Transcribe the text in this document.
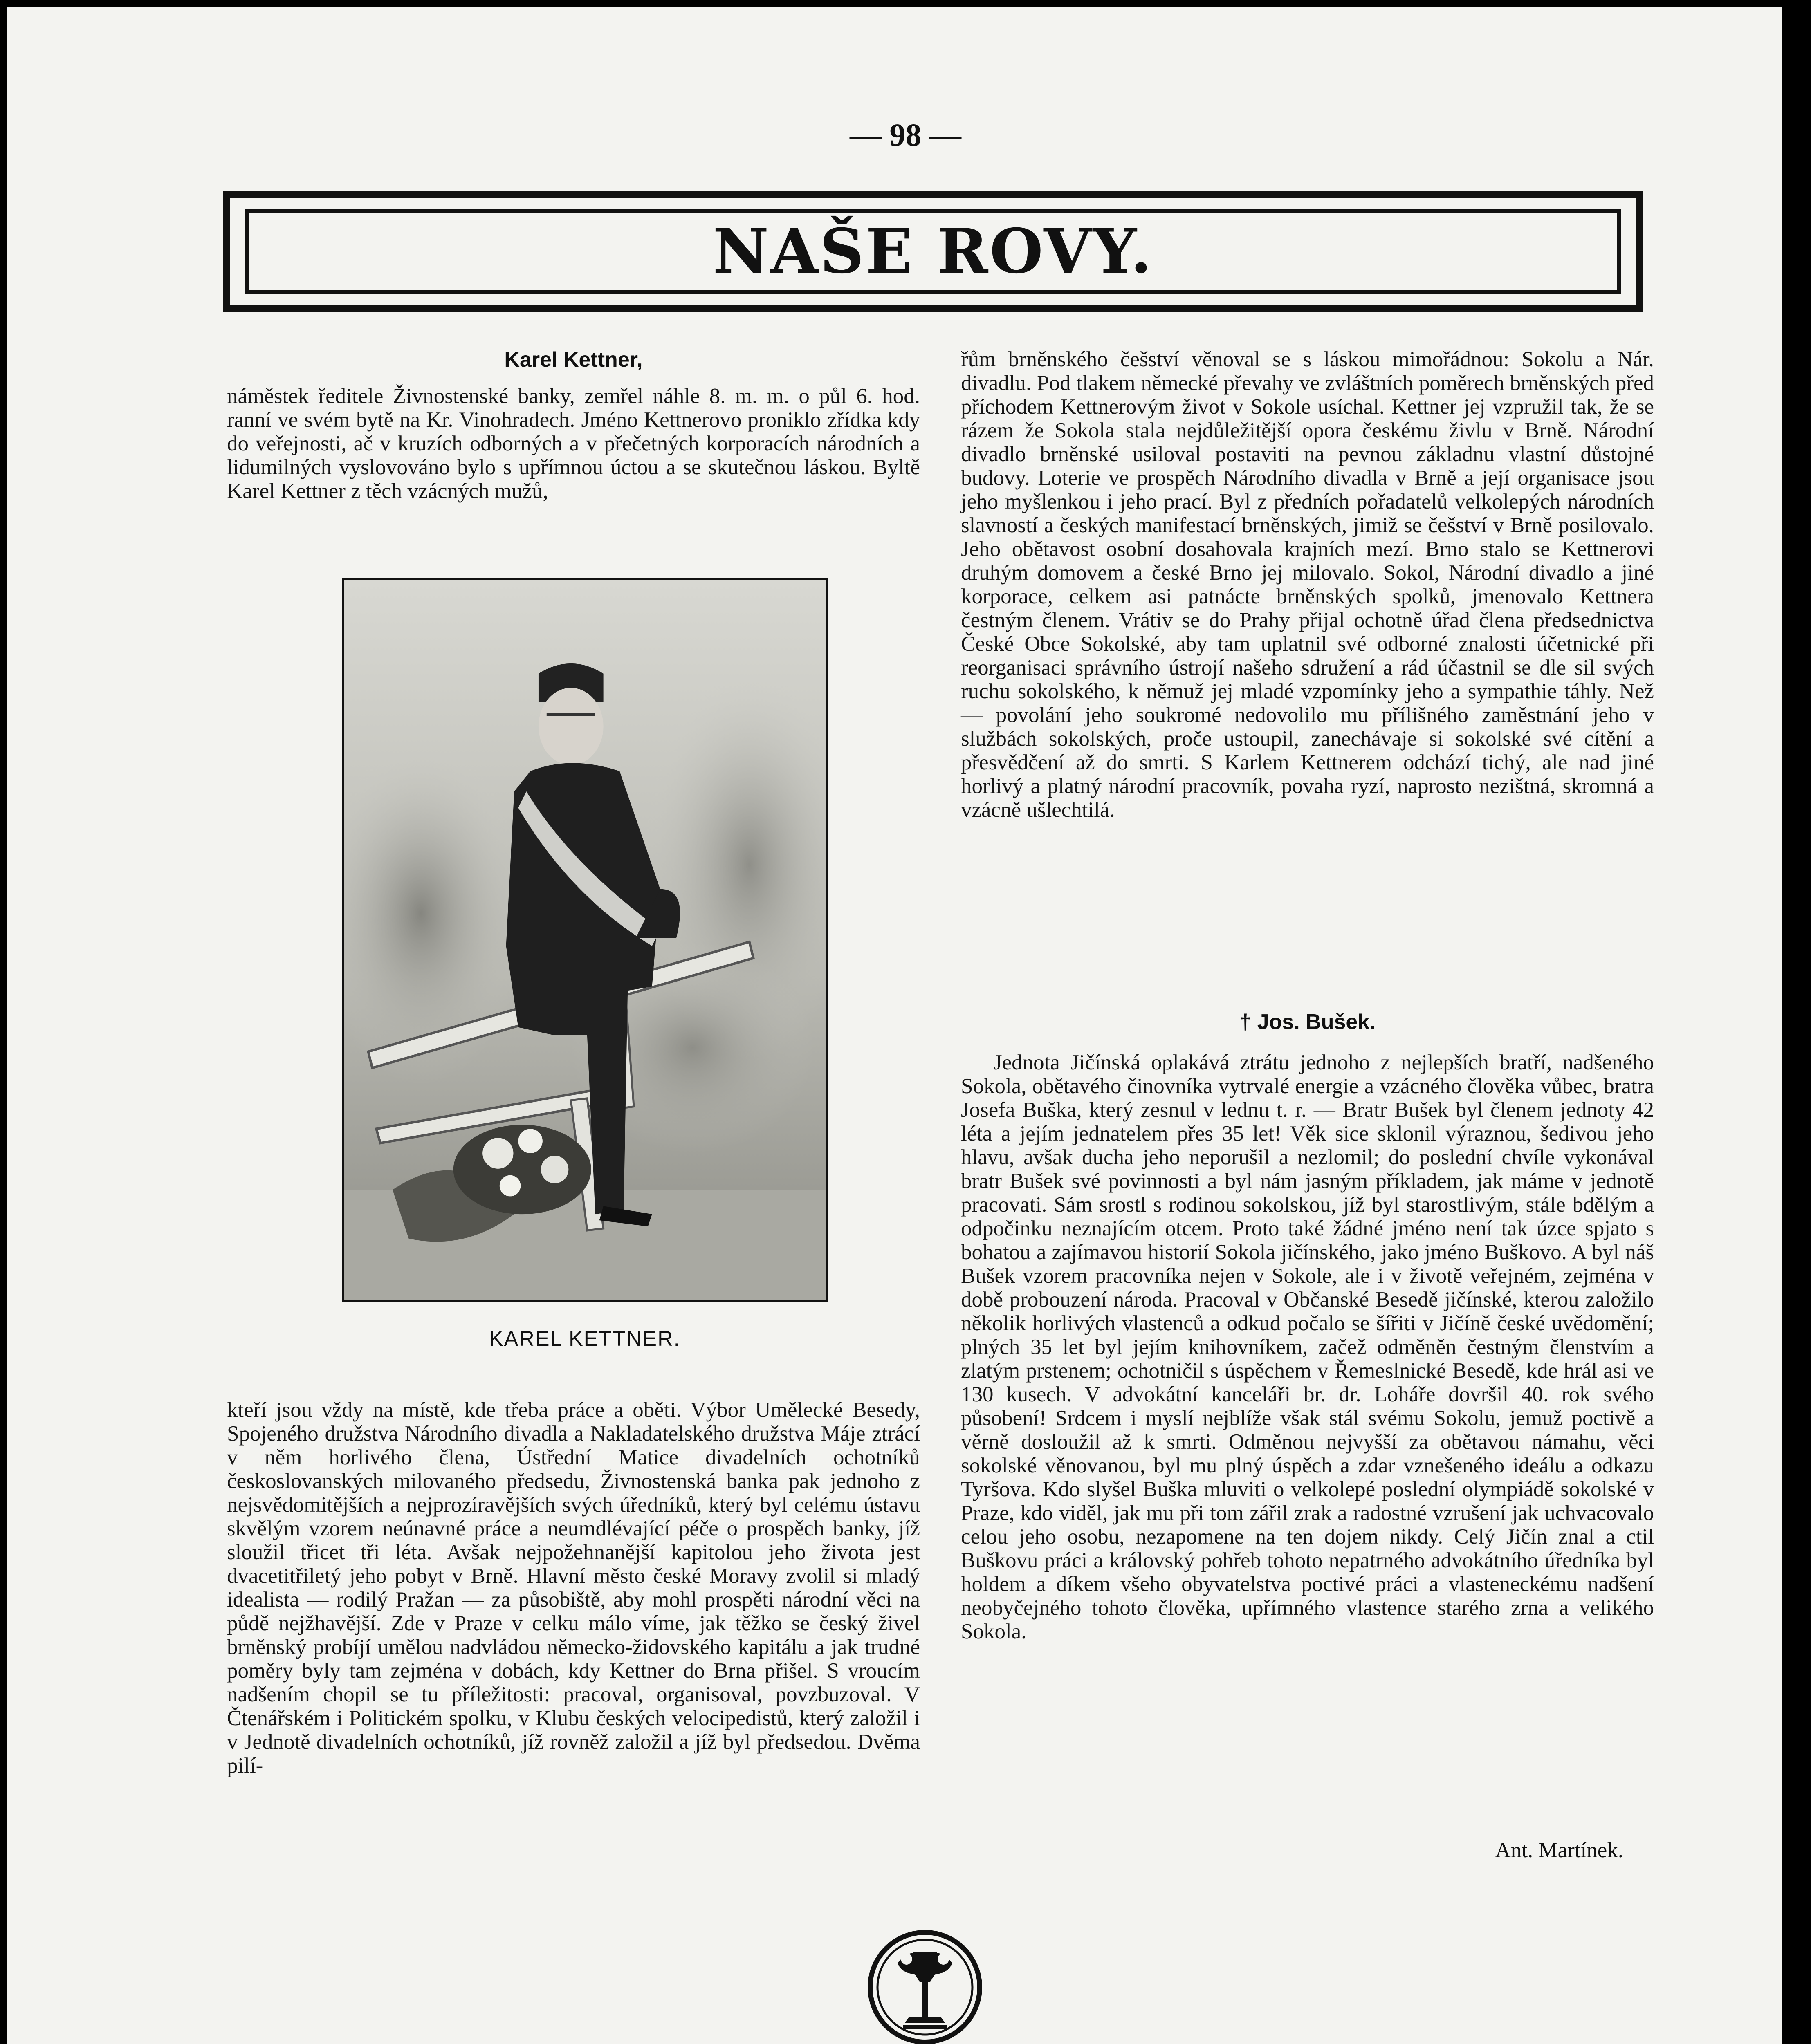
— 98 —
NAŠE ROVY.
Karel Kettner,

náměstek ředitele Živnostenské banky, zemřel náhle 8. m. m. o půl 6. hod. ranní ve svém bytě na Kr. Vinohradech. Jméno Kettnerovo proniklo zřídka kdy do veřejnosti, ač v kruzích odborných a v přečetných korporacích národních a lidumilných vyslovováno bylo s upřímnou úctou a se skutečnou láskou. Byltě Karel Kettner z těch vzácných mužů,

KAREL KETTNER.

kteří jsou vždy na místě, kde třeba práce a oběti. Výbor Umělecké Besedy, Spojeného družstva Národního divadla a Nakladatelského družstva Máje ztrácí v něm horlivého člena, Ústřední Matice divadelních ochotníků českoslovanských milovaného předsedu, Živnostenská banka pak jednoho z nejsvědomitějších a nejprozíravějších svých úředníků, který byl celému ústavu skvělým vzorem neúnavné práce a neumdlévající péče o prospěch banky, jíž sloužil třicet tři léta. Avšak nejpožehnanější kapitolou jeho života jest dvacetitřiletý jeho pobyt v Brně. Hlavní město české Moravy zvolil si mladý idealista — rodilý Pražan — za působiště, aby mohl prospěti národní věci na půdě nejžhavější. Zde v Praze v celku málo víme, jak těžko se český živel brněnský probíjí umělou nadvládou německo-židovského kapitálu a jak trudné poměry byly tam zejména v dobách, kdy Kettner do Brna přišel. S vroucím nadšením chopil se tu příležitosti: pracoval, organisoval, povzbuzoval. V Čtenářském i Politickém spolku, v Klubu českých velocipedistů, který založil i v Jednotě divadelních ochotníků, jíž rovněž založil a jíž byl předsedou. Dvěma pilí-

řům brněnského češství věnoval se s láskou mimořádnou: Sokolu a Nár. divadlu. Pod tlakem německé převahy ve zvláštních poměrech brněnských před příchodem Kettnerovým život v Sokole usíchal. Kettner jej vzpružil tak, že se rázem že Sokola stala nejdůležitější opora českému živlu v Brně. Národní divadlo brněnské usiloval postaviti na pevnou základnu vlastní důstojné budovy. Loterie ve prospěch Národního divadla v Brně a její organisace jsou jeho myšlenkou i jeho prací. Byl z předních pořadatelů velkolepých národních slavností a českých manifestací brněnských, jimiž se češství v Brně posilovalo. Jeho obětavost osobní dosahovala krajních mezí. Brno stalo se Kettnerovi druhým domovem a české Brno jej milovalo. Sokol, Národní divadlo a jiné korporace, celkem asi patnácte brněnských spolků, jmenovalo Kettnera čestným členem. Vrátiv se do Prahy přijal ochotně úřad člena předsednictva České Obce Sokolské, aby tam uplatnil své odborné znalosti účetnické při reorganisaci správního ústrojí našeho sdružení a rád účastnil se dle sil svých ruchu sokolského, k němuž jej mladé vzpomínky jeho a sympathie táhly. Než — povolání jeho soukromé nedovolilo mu přílišného zaměstnání jeho v službách sokolských, proče ustoupil, zanechávaje si sokolské své cítění a přesvědčení až do smrti. S Karlem Kettnerem odchází tichý, ale nad jiné horlivý a platný národní pracovník, povaha ryzí, naprosto nezištná, skromná a vzácně ušlechtilá.

† Jos. Bušek.

Jednota Jičínská oplakává ztrátu jednoho z nejlepších bratří, nadšeného Sokola, obětavého činovníka vytrvalé energie a vzácného člověka vůbec, bratra Josefa Buška, který zesnul v lednu t. r. — Bratr Bušek byl členem jednoty 42 léta a jejím jednatelem přes 35 let! Věk sice sklonil výraznou, šedivou jeho hlavu, avšak ducha jeho neporušil a nezlomil; do poslední chvíle vykonával bratr Bušek své povinnosti a byl nám jasným příkladem, jak máme v jednotě pracovati. Sám srostl s rodinou sokolskou, jíž byl starostlivým, stále bdělým a odpočinku neznajícím otcem. Proto také žádné jméno není tak úzce spjato s bohatou a zajímavou historií Sokola jičínského, jako jméno Buškovo. A byl náš Bušek vzorem pracovníka nejen v Sokole, ale i v životě veřejném, zejména v době probouzení národa. Pracoval v Občanské Besedě jičínské, kterou založilo několik horlivých vlastenců a odkud počalo se šířiti v Jičíně české uvědomění; plných 35 let byl jejím knihovníkem, začež odměněn čestným členstvím a zlatým prstenem; ochotničil s úspěchem v Řemeslnické Besedě, kde hrál asi ve 130 kusech. V advokátní kanceláři br. dr. Loháře dovršil 40. rok svého působení! Srdcem i myslí nejblíže však stál svému Sokolu, jemuž poctivě a věrně dosloužil až k smrti. Odměnou nejvyšší za obětavou námahu, věci sokolské věnovanou, byl mu plný úspěch a zdar vznešeného ideálu a odkazu Tyršova. Kdo slyšel Buška mluviti o velkolepé poslední olympiádě sokolské v Praze, kdo viděl, jak mu při tom zářil zrak a radostné vzrušení jak uchvacovalo celou jeho osobu, nezapomene na ten dojem nikdy. Celý Jičín znal a ctil Buškovu práci a královský pohřeb tohoto nepatrného advokátního úředníka byl holdem a díkem všeho obyvatelstva poctivé práci a vlasteneckému nadšení neobyčejného tohoto člověka, upřímného vlastence starého zrna a velikého Sokola.

Ant. Martínek.
